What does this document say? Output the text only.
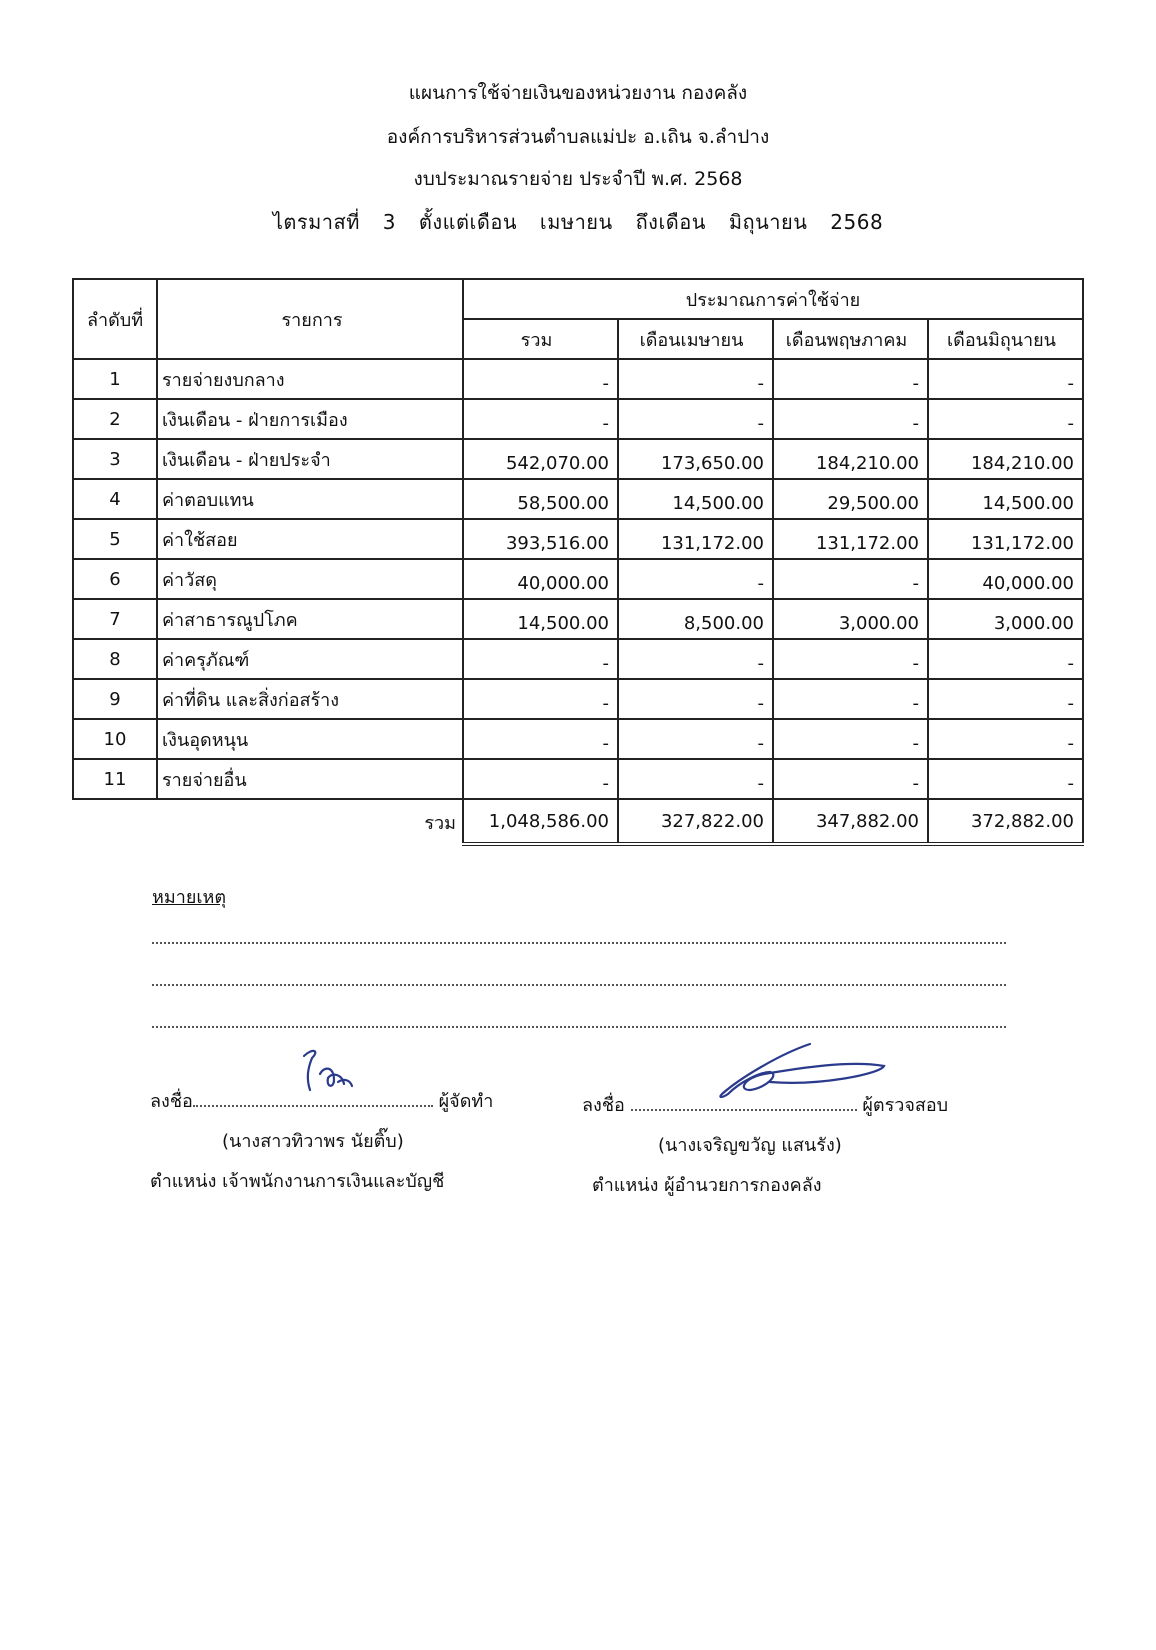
แผนการใช้จ่ายเงินของหน่วยงาน กองคลัง
องค์การบริหารส่วนตำบลแม่ปะ อ.เถิน จ.ลำปาง
งบประมาณรายจ่าย ประจำปี พ.ศ. 2568
ไตรมาสที่ 3 ตั้งแต่เดือน เมษายน ถึงเดือน มิถุนายน 2568
ลำดับที่	รายการ	ประมาณการค่าใช้จ่าย			
		รวม	เดือนเมษายน	เดือนพฤษภาคม	เดือนมิถุนายน
1	รายจ่ายงบกลาง	-	-	-	-
2	เงินเดือน - ฝ่ายการเมือง	-	-	-	-
3	เงินเดือน - ฝ่ายประจำ	542,070.00	173,650.00	184,210.00	184,210.00
4	ค่าตอบแทน	58,500.00	14,500.00	29,500.00	14,500.00
5	ค่าใช้สอย	393,516.00	131,172.00	131,172.00	131,172.00
6	ค่าวัสดุ	40,000.00	-	-	40,000.00
7	ค่าสาธารณูปโภค	14,500.00	8,500.00	3,000.00	3,000.00
8	ค่าครุภัณฑ์	-	-	-	-
9	ค่าที่ดิน และสิ่งก่อสร้าง	-	-	-	-
10	เงินอุดหนุน	-	-	-	-
11	รายจ่ายอื่น	-	-	-	-
	รวม	1,048,586.00	327,822.00	347,882.00	372,882.00
หมายเหตุ
ลงชื่อ	ผู้จัดทำ
(นางสาวทิวาพร นัยติ๊บ)
ตำแหน่ง เจ้าพนักงานการเงินและบัญชี
ลงชื่อ	ผู้ตรวจสอบ
(นางเจริญขวัญ แสนรัง)
ตำแหน่ง ผู้อำนวยการกองคลัง
